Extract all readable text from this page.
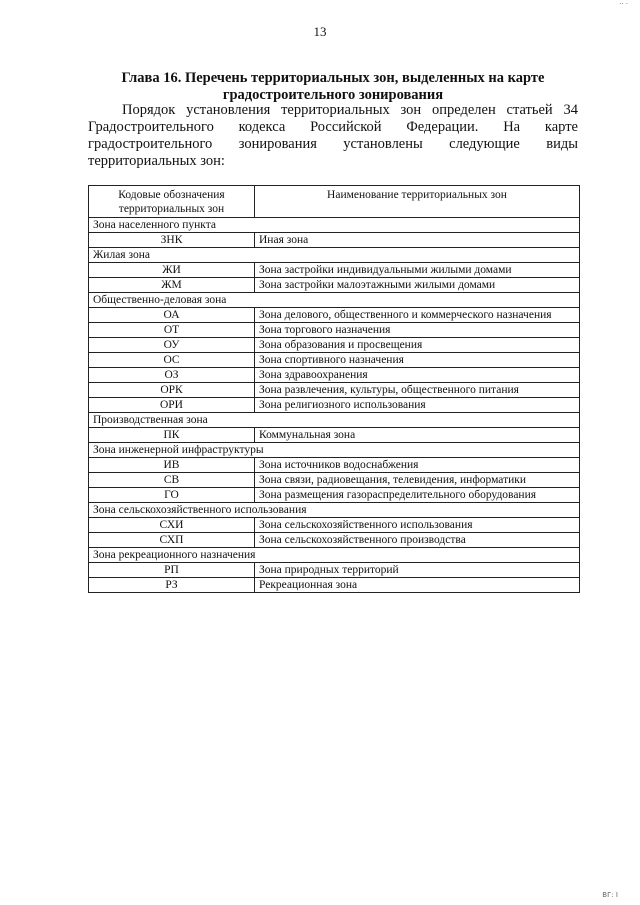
13
Глава 16. Перечень территориальных зон, выделенных на карте градостроительного зонирования
Порядок установления территориальных зон определен статьей 34 Градостроительного кодекса Российской Федерации. На карте градостроительного зонирования установлены следующие виды территориальных зон:
Кодовые обозначения территориальных зон	Наименование территориальных зон
Зона населенного пункта	
ЗНК	Иная зона
Жилая зона	
ЖИ	Зона застройки индивидуальными жилыми домами
ЖМ	Зона застройки малоэтажными жилыми домами
Общественно-деловая зона	
ОА	Зона делового, общественного и коммерческого назначения
ОТ	Зона торгового назначения
ОУ	Зона образования и просвещения
ОС	Зона спортивного назначения
ОЗ	Зона здравоохранения
ОРК	Зона развлечения, культуры, общественного питания
ОРИ	Зона религиозного использования
Производственная зона	
ПК	Коммунальная зона
Зона инженерной инфраструктуры	
ИВ	Зона источников водоснабжения
СВ	Зона связи, радиовещания, телевидения, информатики
ГО	Зона размещения газораспределительного оборудования
Зона сельскохозяйственного использования	
СХИ	Зона сельскохозяйственного использования
СХП	Зона сельскохозяйственного производства
Зона рекреационного назначения	
РП	Зона природных территорий
РЗ	Рекреационная зона
·· ·
ВГ: I
